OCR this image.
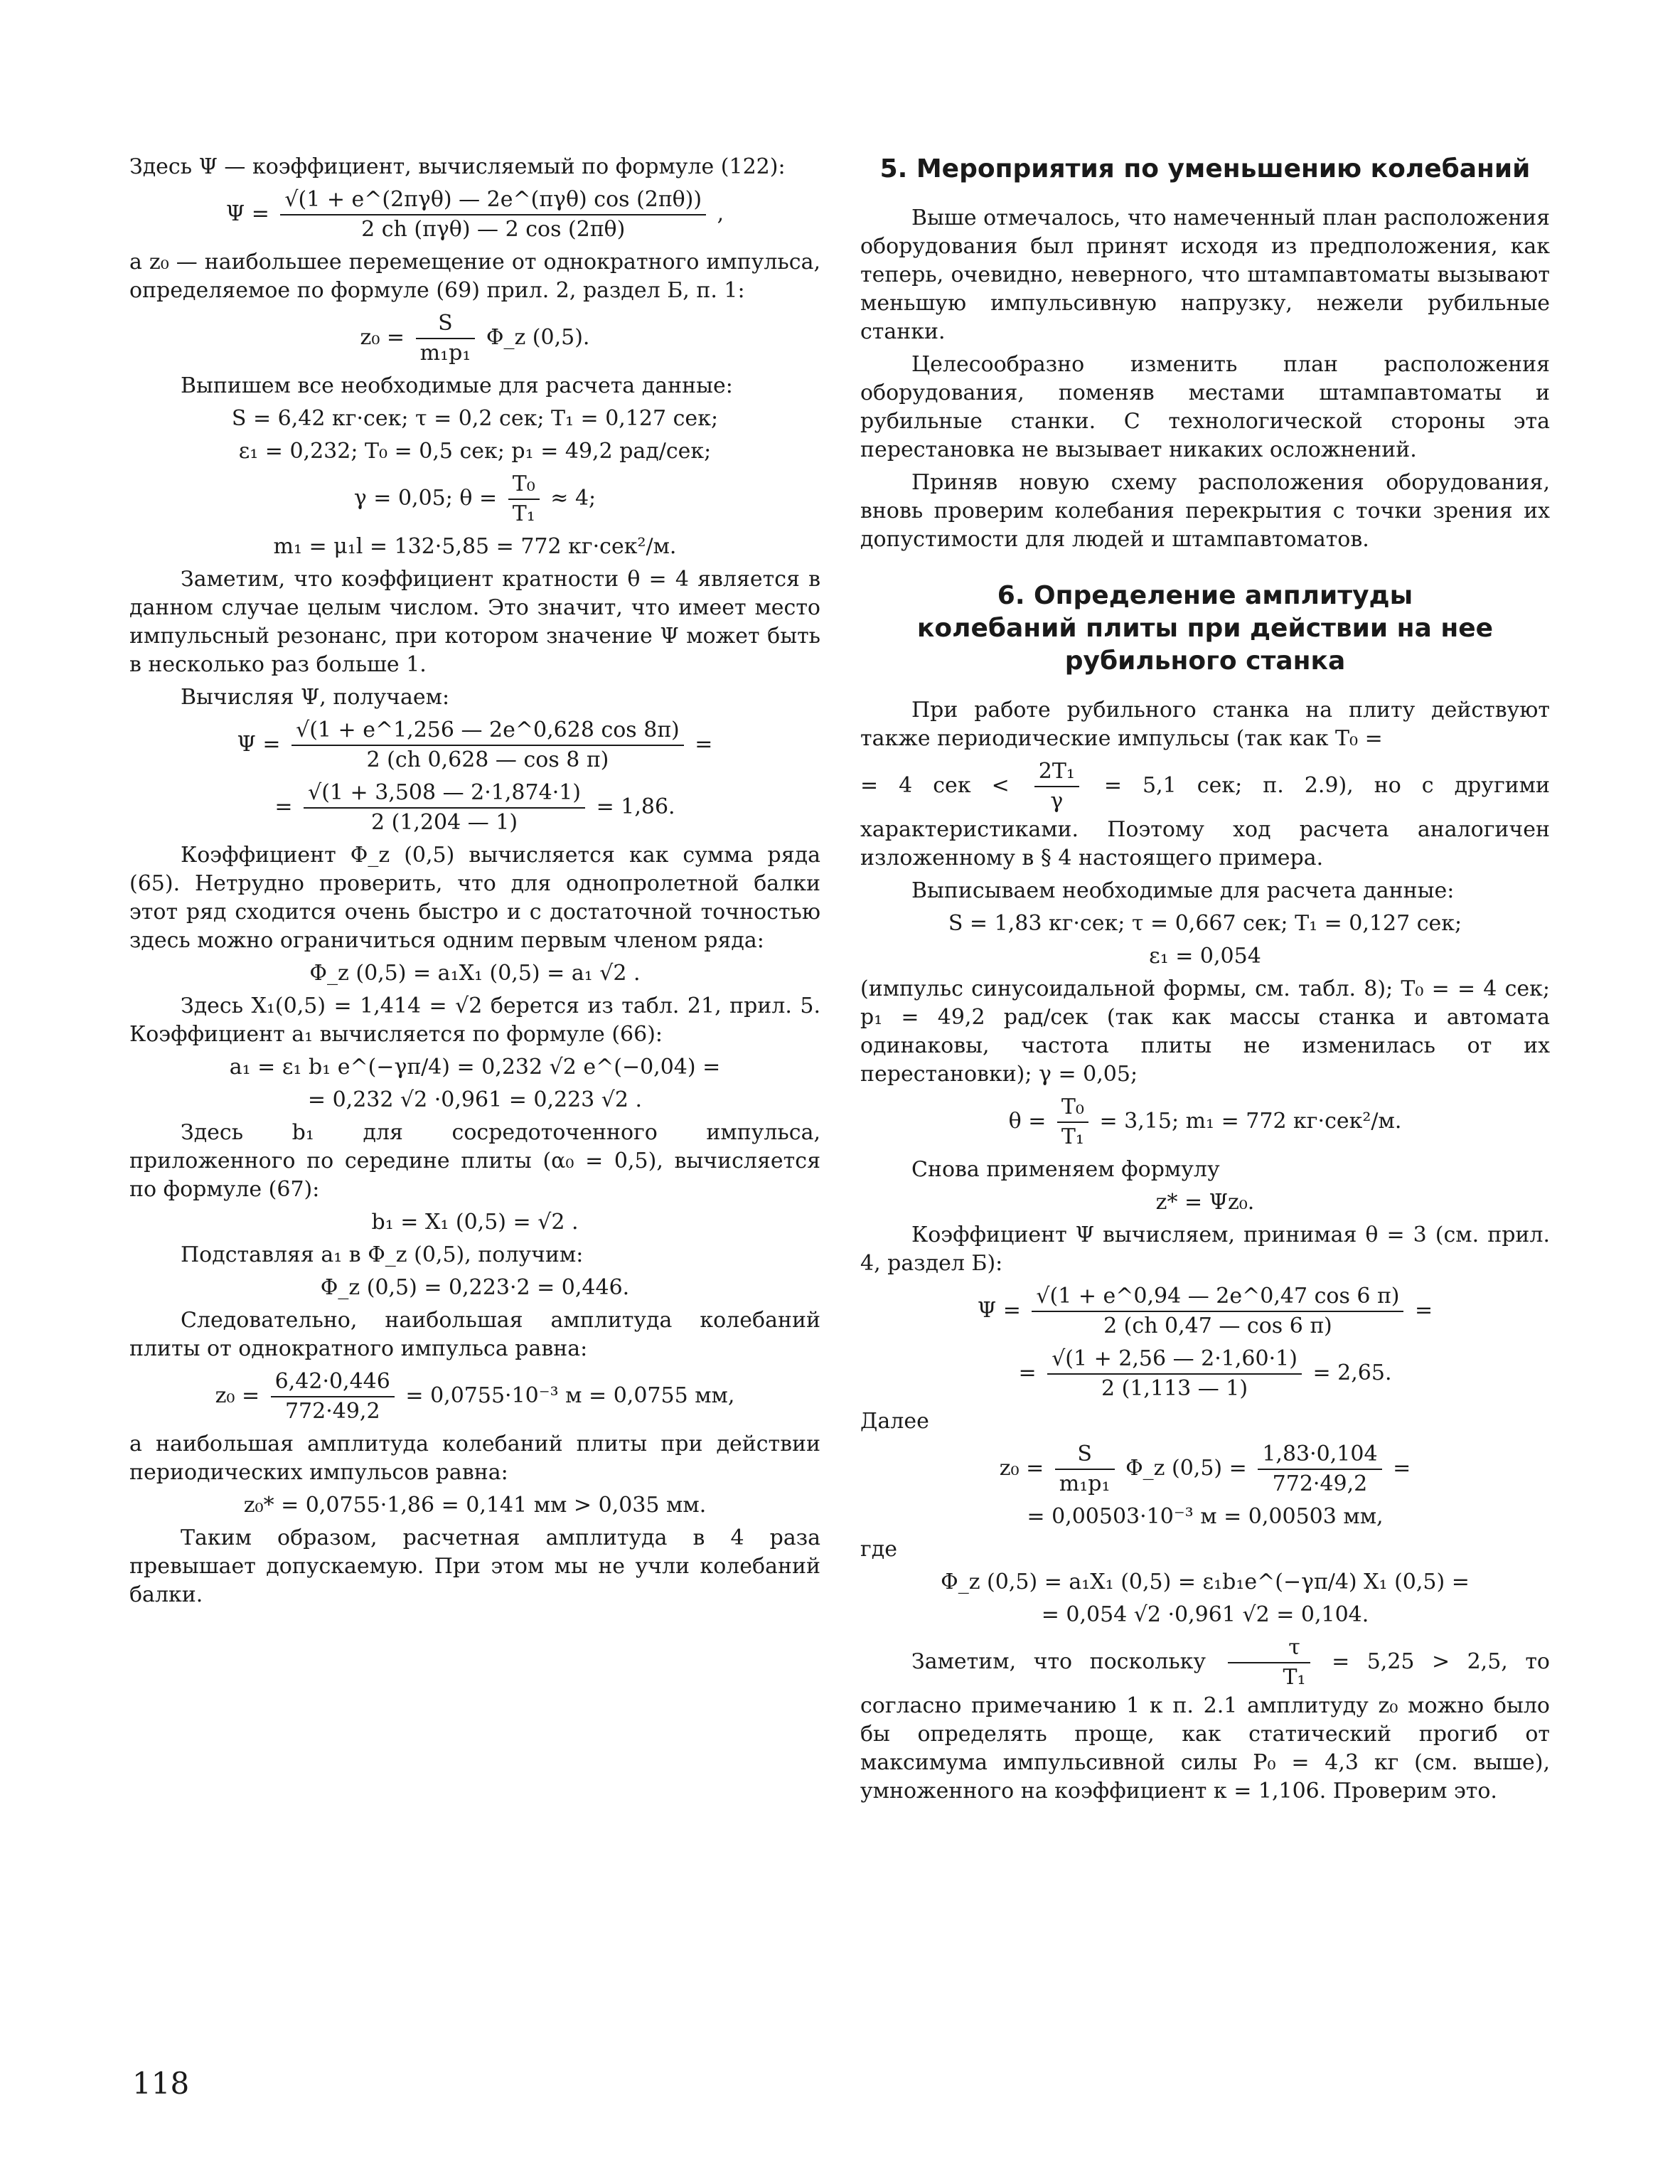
Здесь Ψ — коэффициент, вычисляемый по формуле (122):

$\Psi = \frac{\text{√(1 + e\textasciicircum{}(2πγθ) — 2e\textasciicircum{}(πγθ) cos (2πθ))}}{\text{2 ch (πγθ) — 2 cos (2πθ)}}$ ,

а z₀ — наибольшее перемещение от однократного импульса, определяемое по формуле (69) прил. 2, раздел Б, п. 1:

$z_0 = \frac{S}{\text{m₁p₁}}$ Φ_z (0,5).

Выпишем все необходимые для расчета данные:

S = 6,42 кг·сек; τ = 0,2 сек; T₁ = 0,127 сек;
ε₁ = 0,232; T₀ = 0,5 сек; p₁ = 49,2 рад/сек;
γ = 0,05; $\theta = \frac{\text{T₀}}{\text{T₁}} \approx 4$;
m₁ = μ₁l = 132·5,85 = 772 кг·сек²/м.

Заметим, что коэффициент кратности θ = 4 является в данном случае целым числом. Это значит, что имеет место импульсный резонанс, при котором значение Ψ может быть в несколько раз больше 1.

Вычисляя Ψ, получаем:

$\Psi = \frac{√(1 + e\^{}1,256 — 2e\^{}0,628 \cos 8\pi)}{2 (ch 0,628 — \cos 8 \pi)}$ =
= $\frac{√(1 + 3,508 — 2\cdot 1,874\cdot 1)}{2 (1,204 — 1)} = 1,86$.

Коэффициент Φ_z (0,5) вычисляется как сумма ряда (65). Нетрудно проверить, что для однопролетной балки этот ряд сходится очень быстро и с достаточной точностью здесь можно ограничиться одним первым членом ряда:

Φ_z (0,5) = a₁X₁ (0,5) = a₁ √2 .

Здесь X₁(0,5) = 1,414 = √2 берется из табл. 21, прил. 5. Коэффициент a₁ вычисляется по формуле (66):

a₁ = ε₁ b₁ e^(−γπ/4) = 0,232 √2 e^(−0,04) =
= 0,232 √2 ·0,961 = 0,223 √2 .

Здесь b₁ для сосредоточенного импульса, приложенного по середине плиты (α₀ = 0,5), вычисляется по формуле (67):

b₁ = X₁ (0,5) = √2 .

Подставляя a₁ в Φ_z (0,5), получим:

Φ_z (0,5) = 0,223·2 = 0,446.

Следовательно, наибольшая амплитуда колебаний плиты от однократного импульса равна:

$z_0 = \frac{6,42\cdot 0,446}{772\cdot 49,2} = 0,0755\cdot 10^{-3}$ м = 0,0755 мм,

а наибольшая амплитуда колебаний плиты при действии периодических импульсов равна:

z₀* = 0,0755·1,86 = 0,141 мм > 0,035 мм.

Таким образом, расчетная амплитуда в 4 раза превышает допускаемую. При этом мы не учли колебаний балки.

5. Мероприятия по уменьшению колебаний

Выше отмечалось, что намеченный план расположения оборудования был принят исходя из предположения, как теперь, очевидно, неверного, что штампавтоматы вызывают меньшую импульсивную напрузку, нежели рубильные станки.

Целесообразно изменить план расположения оборудования, поменяв местами штампавтоматы и рубильные станки. С технологической стороны эта перестановка не вызывает никаких осложнений.

Приняв новую схему расположения оборудования, вновь проверим колебания перекрытия с точки зрения их допустимости для людей и штампавтоматов.

6. Определение амплитуды
колебаний плиты при действии на нее
рубильного станка

При работе рубильного станка на плиту действуют также периодические импульсы (так как T₀ =

= 4 сек < $\frac{\text{2T₁}}{\gamma} = 5,1$ сек; п. 2.9), но с другими характеристиками. Поэтому ход расчета аналогичен изложенному в § 4 настоящего примера.

Выписываем необходимые для расчета данные:

S = 1,83 кг·сек; τ = 0,667 сек; T₁ = 0,127 сек;
ε₁ = 0,054

(импульс синусоидальной формы, см. табл. 8); T₀ = = 4 сек; p₁ = 49,2 рад/сек (так как массы станка и автомата одинаковы, частота плиты не изменилась от их перестановки); γ = 0,05;

$\theta = \frac{\text{T₀}}{\text{T₁}} = 3,15$; m₁ = 772 кг·сек²/м.

Снова применяем формулу

z* = Ψz₀.

Коэффициент Ψ вычисляем, принимая θ = 3 (см. прил. 4, раздел Б):

$\Psi = \frac{√(1 + e\^{}0,94 — 2e\^{}0,47 \cos 6 \pi)}{2 (ch 0,47 — \cos 6 \pi)}$ =
= $\frac{√(1 + 2,56 — 2\cdot 1,60\cdot 1)}{2 (1,113 — 1)} = 2,65$.

Далее

$z_0 = \frac{S}{\text{m₁p₁}}$ Φ_z $(0,5) = \frac{1,83\cdot 0,104}{772\cdot 49,2}$ =
= 0,00503·10⁻³ м = 0,00503 мм,

где

Φ_z (0,5) = a₁X₁ (0,5) = ε₁b₁e^(−γπ/4) X₁ (0,5) =
= 0,054 √2 ·0,961 √2 = 0,104.

Заметим, что поскольку $\frac{\tau}{\text{T₁}} = 5,25 > 2,5$, то согласно примечанию 1 к п. 2.1 амплитуду z₀ можно было бы определять проще, как статический прогиб от максимума импульсивной силы P₀ = 4,3 кг (см. выше), умноженного на коэффициент κ = 1,106. Проверим это.

118
